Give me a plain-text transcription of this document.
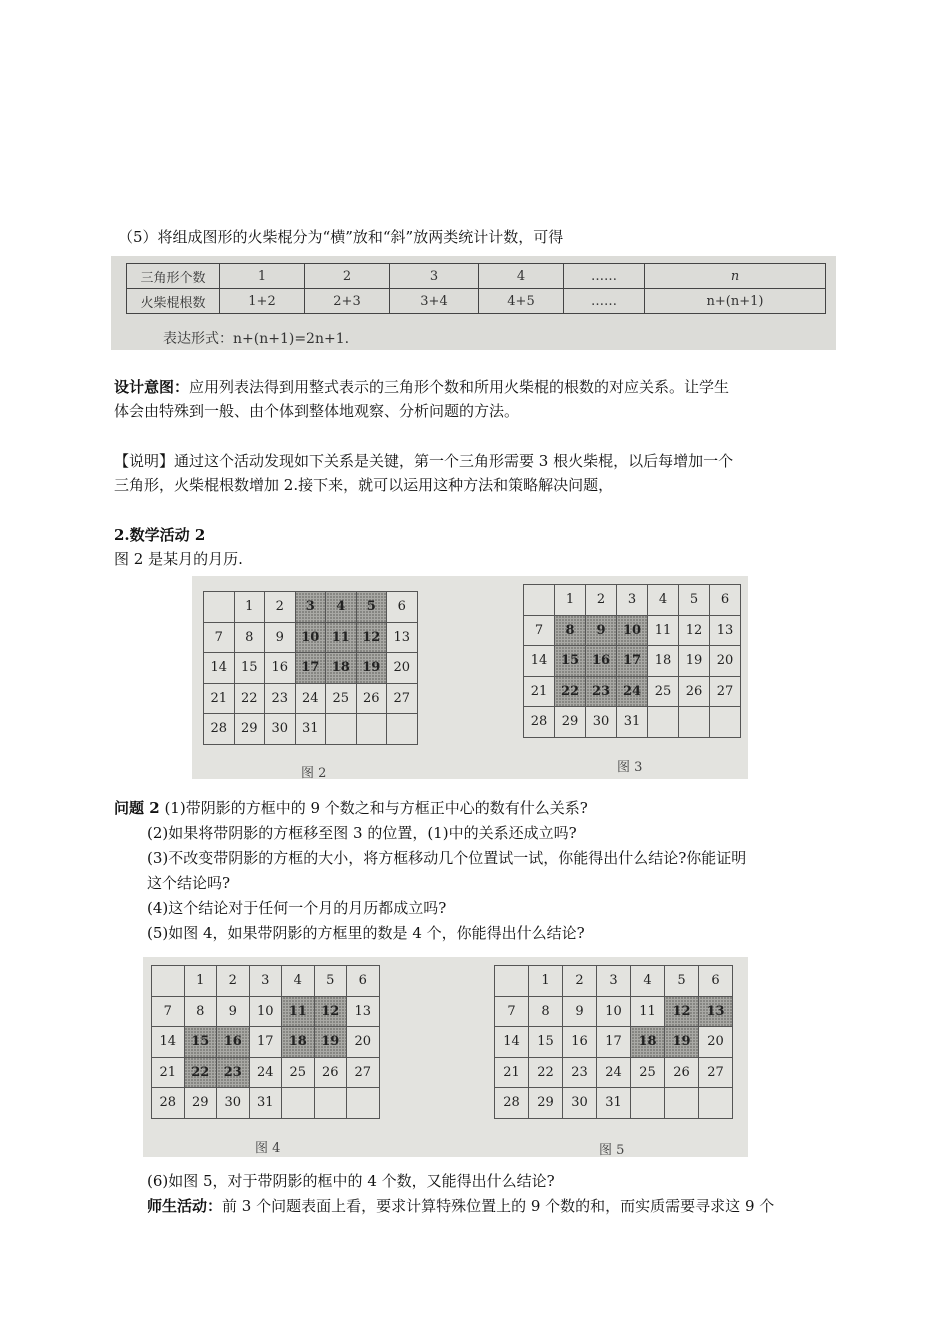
（5）将组成图形的火柴棍分为“横”放和“斜”放两类统计计数，可得
三角形个数	1	2	3	4	……	n
火柴棍根数	1+2	2+3	3+4	4+5	……	n+(n+1)
表达形式：n+(n+1)=2n+1.
设计意图：应用列表法得到用整式表示的三角形个数和所用火柴棍的根数的对应关系。让学生
体会由特殊到一般、由个体到整体地观察、分析问题的方法。
【说明】通过这个活动发现如下关系是关键，第一个三角形需要 3 根火柴棍，以后每增加一个
三角形，火柴棍根数增加 2.接下来，就可以运用这种方法和策略解决问题，
2.数学活动 2
图 2 是某月的月历.
	1	2	3	4	5	6
7	8	9	10	11	12	13
14	15	16	17	18	19	20
21	22	23	24	25	26	27
28	29	30	31			
图 2
	1	2	3	4	5	6
7	8	9	10	11	12	13
14	15	16	17	18	19	20
21	22	23	24	25	26	27
28	29	30	31			
图 3
问题 2 (1)带阴影的方框中的 9 个数之和与方框正中心的数有什么关系?
(2)如果将带阴影的方框移至图 3 的位置，(1)中的关系还成立吗?
(3)不改变带阴影的方框的大小，将方框移动几个位置试一试，你能得出什么结论?你能证明
这个结论吗?
(4)这个结论对于任何一个月的月历都成立吗?
(5)如图 4，如果带阴影的方框里的数是 4 个，你能得出什么结论?
	1	2	3	4	5	6
7	8	9	10	11	12	13
14	15	16	17	18	19	20
21	22	23	24	25	26	27
28	29	30	31			
图 4
	1	2	3	4	5	6
7	8	9	10	11	12	13
14	15	16	17	18	19	20
21	22	23	24	25	26	27
28	29	30	31			
图 5
(6)如图 5，对于带阴影的框中的 4 个数，又能得出什么结论?
师生活动：前 3 个问题表面上看，要求计算特殊位置上的 9 个数的和，而实质需要寻求这 9 个
